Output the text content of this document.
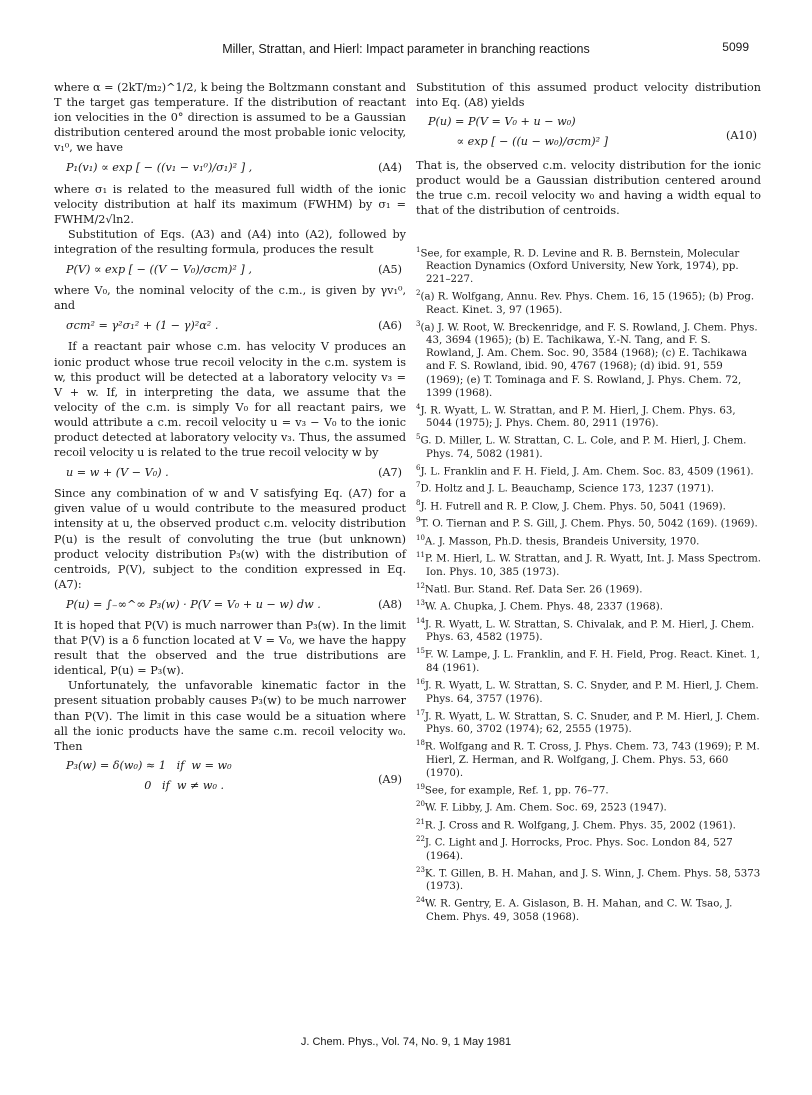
Miller, Strattan, and Hierl: Impact parameter in branching reactions	5099

where α = (2kT/m₂)^1/2, k being the Boltzmann constant and T the target gas temperature. If the distribution of reactant ion velocities in the 0° direction is assumed to be a Gaussian distribution centered around the most probable ionic velocity, v₁⁰, we have

P₁(v₁) ∝ exp [ − ((v₁ − v₁⁰)/σ₁)² ] ,	(A4)

where σ₁ is related to the measured full width of the ionic velocity distribution at half its maximum (FWHM) by σ₁ = FWHM/2√ln2.

Substitution of Eqs. (A3) and (A4) into (A2), followed by integration of the resulting formula, produces the result

P(V) ∝ exp [ − ((V − V₀)/σcm)² ] ,	(A5)

where V₀, the nominal velocity of the c.m., is given by γv₁⁰, and

σcm² = γ²σ₁² + (1 − γ)²α² .	(A6)

If a reactant pair whose c.m. has velocity V produces an ionic product whose true recoil velocity in the c.m. system is w, this product will be detected at a laboratory velocity v₃ = V + w. If, in interpreting the data, we assume that the velocity of the c.m. is simply V₀ for all reactant pairs, we would attribute a c.m. recoil velocity u = v₃ − V₀ to the ionic product detected at laboratory velocity v₃. Thus, the assumed recoil velocity u is related to the true recoil velocity w by

u = w + (V − V₀) .	(A7)

Since any combination of w and V satisfying Eq. (A7) for a given value of u would contribute to the measured product intensity at u, the observed product c.m. velocity distribution P(u) is the result of convoluting the true (but unknown) product velocity distribution P₃(w) with the distribution of centroids, P(V), subject to the condition expressed in Eq. (A7):

P(u) = ∫₋∞^∞ P₃(w) · P(V = V₀ + u − w) dw .	(A8)

It is hoped that P(V) is much narrower than P₃(w). In the limit that P(V) is a δ function located at V = V₀, we have the happy result that the observed and the true distributions are identical, P(u) = P₃(w).

Unfortunately, the unfavorable kinematic factor in the present situation probably causes P₃(w) to be much narrower than P(V). The limit in this case would be a situation where all the ionic products have the same c.m. recoil velocity w₀. Then

P₃(w) = δ(w₀) ≈ 1   if  w = w₀
0   if  w ≠ w₀ .	(A9)

Substitution of this assumed product velocity distribution into Eq. (A8) yields

P(u) = P(V = V₀ + u − w₀)
∝ exp [ − ((u − w₀)/σcm)² ]	(A10)

That is, the observed c.m. velocity distribution for the ionic product would be a Gaussian distribution centered around the true c.m. recoil velocity w₀ and having a width equal to that of the distribution of centroids.

$^1$See, for example, R. D. Levine and R. B. Bernstein, Molecular Reaction Dynamics (Oxford University, New York, 1974), pp. 221–227.
$^2$(a) R. Wolfgang, Annu. Rev. Phys. Chem. 16, 15 (1965); (b) Prog. React. Kinet. 3, 97 (1965).
$^3$(a) J. W. Root, W. Breckenridge, and F. S. Rowland, J. Chem. Phys. 43, 3694 (1965); (b) E. Tachikawa, Y.-N. Tang, and F. S. Rowland, J. Am. Chem. Soc. 90, 3584 (1968); (c) E. Tachikawa and F. S. Rowland, ibid. 90, 4767 (1968); (d) ibid. 91, 559 (1969); (e) T. Tominaga and F. S. Rowland, J. Phys. Chem. 72, 1399 (1968).
$^4$J. R. Wyatt, L. W. Strattan, and P. M. Hierl, J. Chem. Phys. 63, 5044 (1975); J. Phys. Chem. 80, 2911 (1976).
$^5$G. D. Miller, L. W. Strattan, C. L. Cole, and P. M. Hierl, J. Chem. Phys. 74, 5082 (1981).
$^6$J. L. Franklin and F. H. Field, J. Am. Chem. Soc. 83, 4509 (1961).
$^7$D. Holtz and J. L. Beauchamp, Science 173, 1237 (1971).
$^8$J. H. Futrell and R. P. Clow, J. Chem. Phys. 50, 5041 (1969).
$^9$T. O. Tiernan and P. S. Gill, J. Chem. Phys. 50, 5042 (169). (1969).
$^{10}$A. J. Masson, Ph.D. thesis, Brandeis University, 1970.
$^{11}$P. M. Hierl, L. W. Strattan, and J. R. Wyatt, Int. J. Mass Spectrom. Ion. Phys. 10, 385 (1973).
$^{12}$Natl. Bur. Stand. Ref. Data Ser. 26 (1969).
$^{13}$W. A. Chupka, J. Chem. Phys. 48, 2337 (1968).
$^{14}$J. R. Wyatt, L. W. Strattan, S. Chivalak, and P. M. Hierl, J. Chem. Phys. 63, 4582 (1975).
$^{15}$F. W. Lampe, J. L. Franklin, and F. H. Field, Prog. React. Kinet. 1, 84 (1961).
$^{16}$J. R. Wyatt, L. W. Strattan, S. C. Snyder, and P. M. Hierl, J. Chem. Phys. 64, 3757 (1976).
$^{17}$J. R. Wyatt, L. W. Strattan, S. C. Snuder, and P. M. Hierl, J. Chem. Phys. 60, 3702 (1974); 62, 2555 (1975).
$^{18}$R. Wolfgang and R. T. Cross, J. Phys. Chem. 73, 743 (1969); P. M. Hierl, Z. Herman, and R. Wolfgang, J. Chem. Phys. 53, 660 (1970).
$^{19}$See, for example, Ref. 1, pp. 76–77.
$^{20}$W. F. Libby, J. Am. Chem. Soc. 69, 2523 (1947).
$^{21}$R. J. Cross and R. Wolfgang, J. Chem. Phys. 35, 2002 (1961).
$^{22}$J. C. Light and J. Horrocks, Proc. Phys. Soc. London 84, 527 (1964).
$^{23}$K. T. Gillen, B. H. Mahan, and J. S. Winn, J. Chem. Phys. 58, 5373 (1973).
$^{24}$W. R. Gentry, E. A. Gislason, B. H. Mahan, and C. W. Tsao, J. Chem. Phys. 49, 3058 (1968).
J. Chem. Phys., Vol. 74, No. 9, 1 May 1981
